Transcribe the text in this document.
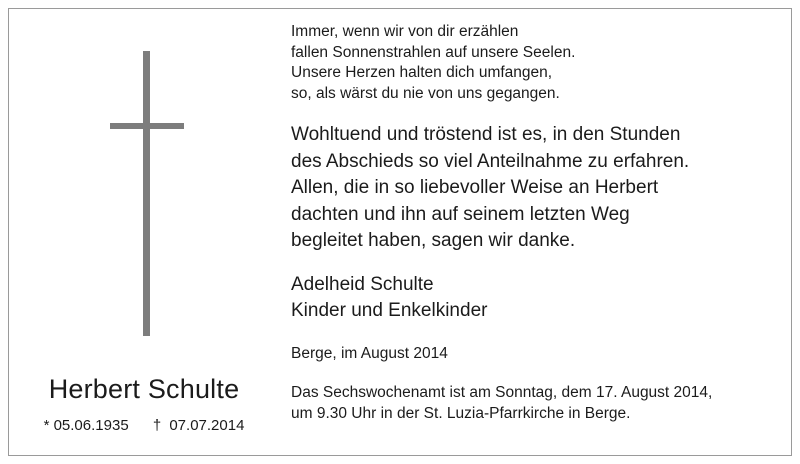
Herbert Schulte
* 05.06.1935 † 07.07.2014
Immer, wenn wir von dir erzählen
fallen Sonnenstrahlen auf unsere Seelen.
Unsere Herzen halten dich umfangen,
so, als wärst du nie von uns gegangen.
Wohltuend und tröstend ist es, in den Stunden
des Abschieds so viel Anteilnahme zu erfahren.
Allen, die in so liebevoller Weise an Herbert
dachten und ihn auf seinem letzten Weg
begleitet haben, sagen wir danke.
Adelheid Schulte
Kinder und Enkelkinder
Berge, im August 2014
Das Sechswochenamt ist am Sonntag, dem 17. August 2014,
um 9.30 Uhr in der St. Luzia-Pfarrkirche in Berge.
